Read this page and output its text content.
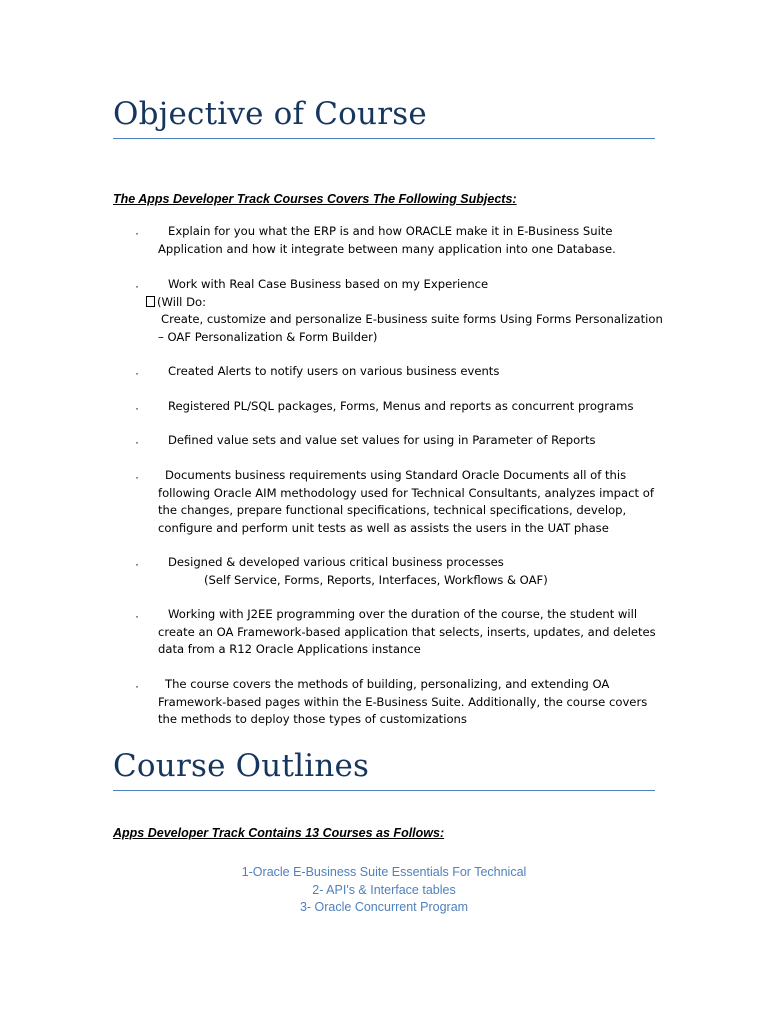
Objective of Course
The Apps Developer Track Courses Covers The Following Subjects:
·	Explain for you what the ERP is and how ORACLE make it in E-Business Suite
Application and how it integrate between many application into one Database.
·	Work with Real Case Business based on my Experience
(Will Do:
Create, customize and personalize E-business suite forms Using Forms Personalization
– OAF Personalization & Form Builder)
·	Created Alerts to notify users on various business events
·	Registered PL/SQL packages, Forms, Menus and reports as concurrent programs
·	Defined value sets and value set values for using in Parameter of Reports
·	Documents business requirements using Standard Oracle Documents all of this
following Oracle AIM methodology used for Technical Consultants, analyzes impact of
the changes, prepare functional specifications, technical specifications, develop,
configure and perform unit tests as well as assists the users in the UAT phase
·	Designed & developed various critical business processes
(Self Service, Forms, Reports, Interfaces, Workflows & OAF)
·	Working with J2EE programming over the duration of the course, the student will
create an OA Framework-based application that selects, inserts, updates, and deletes
data from a R12 Oracle Applications instance
·	The course covers the methods of building, personalizing, and extending OA
Framework-based pages within the E-Business Suite. Additionally, the course covers
the methods to deploy those types of customizations
Course Outlines
Apps Developer Track Contains 13 Courses as Follows:
1-Oracle E-Business Suite Essentials For Technical
2- API's & Interface tables
3- Oracle Concurrent Program
